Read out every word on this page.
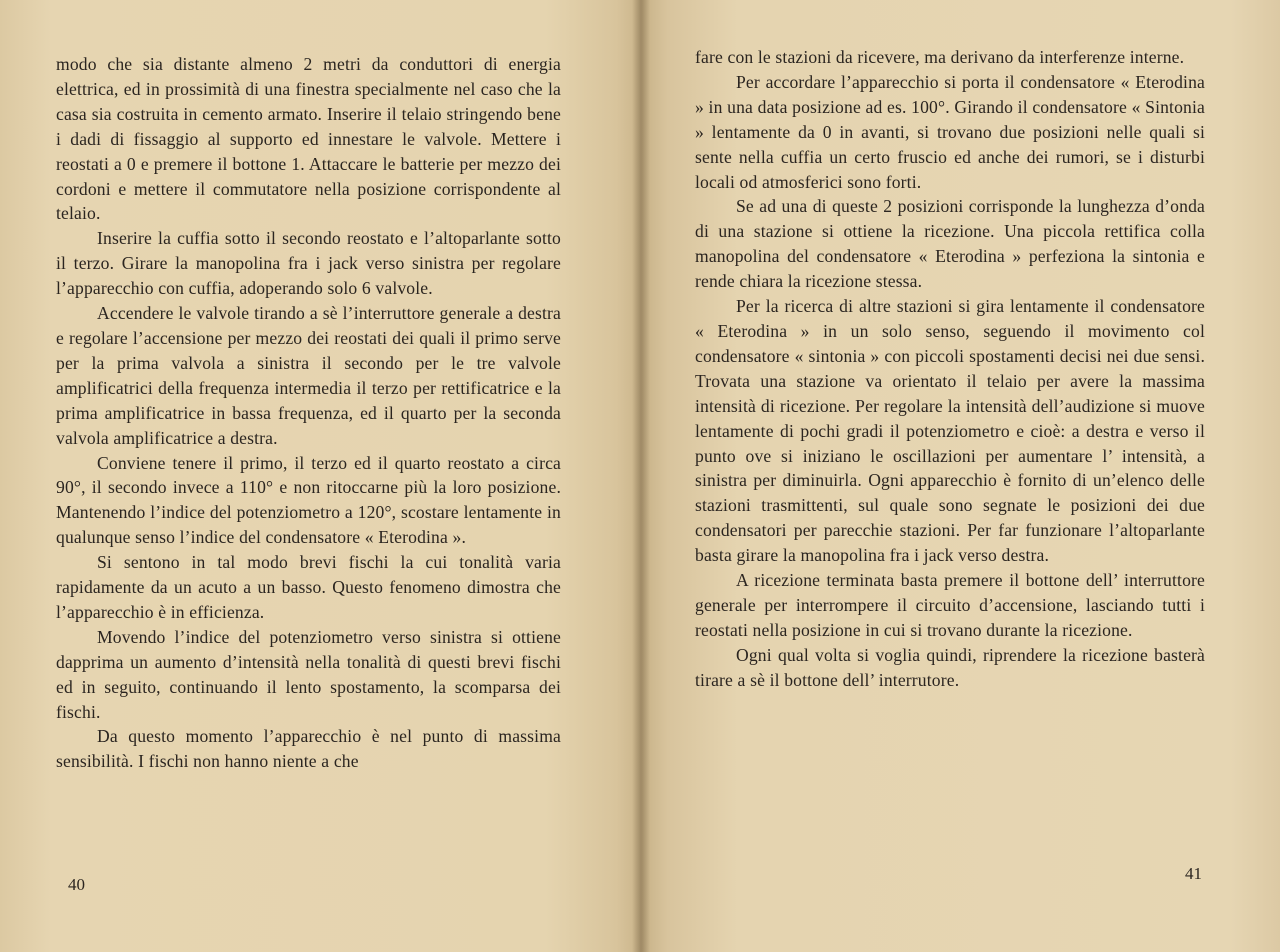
modo che sia distante almeno 2 metri da conduttori di energia elettrica, ed in prossimità di una finestra specialmente nel caso che la casa sia costruita in cemento armato. Inserire il telaio stringendo bene i dadi di fissaggio al supporto ed innestare le valvole. Mettere i reostati a 0 e premere il bottone 1. Attaccare le batterie per mezzo dei cordoni e mettere il commutatore nella posizione corrispondente al telaio.

Inserire la cuffia sotto il secondo reostato e l’altoparlante sotto il terzo. Girare la manopolina fra i jack verso sinistra per regolare l’apparecchio con cuffia, adoperando solo 6 valvole.

Accendere le valvole tirando a sè l’interruttore generale a destra e regolare l’accensione per mezzo dei reostati dei quali il primo serve per la prima valvola a sinistra il secondo per le tre valvole amplificatrici della frequenza intermedia il terzo per rettificatrice e la prima amplificatrice in bassa frequenza, ed il quarto per la seconda valvola amplificatrice a destra.

Conviene tenere il primo, il terzo ed il quarto reostato a circa 90°, il secondo invece a 110° e non ritoccarne più la loro posizione. Mantenendo l’indice del potenziometro a 120°, scostare lentamente in qualunque senso l’indice del condensatore « Eterodina ».

Si sentono in tal modo brevi fischi la cui tonalità varia rapidamente da un acuto a un basso. Questo fenomeno dimostra che l’apparecchio è in efficienza.

Movendo l’indice del potenziometro verso sinistra si ottiene dapprima un aumento d’intensità nella tonalità di questi brevi fischi ed in seguito, continuando il lento spostamento, la scomparsa dei fischi.

Da questo momento l’apparecchio è nel punto di massima sensibilità. I fischi non hanno niente a che

40

fare con le stazioni da ricevere, ma derivano da interferenze interne.

Per accordare l’apparecchio si porta il condensatore « Eterodina » in una data posizione ad es. 100°. Girando il condensatore « Sintonia » lentamente da 0 in avanti, si trovano due posizioni nelle quali si sente nella cuffia un certo fruscio ed anche dei rumori, se i disturbi locali od atmosferici sono forti.

Se ad una di queste 2 posizioni corrisponde la lunghezza d’onda di una stazione si ottiene la ricezione. Una piccola rettifica colla manopolina del condensatore « Eterodina » perfeziona la sintonia e rende chiara la ricezione stessa.

Per la ricerca di altre stazioni si gira lentamente il condensatore « Eterodina » in un solo senso, seguendo il movimento col condensatore « sintonia » con piccoli spostamenti decisi nei due sensi. Trovata una stazione va orientato il telaio per avere la massima intensità di ricezione. Per regolare la intensità dell’audizione si muove lentamente di pochi gradi il potenziometro e cioè: a destra e verso il punto ove si iniziano le oscillazioni per aumentare l’ intensità, a sinistra per diminuirla. Ogni apparecchio è fornito di un’elenco delle stazioni trasmittenti, sul quale sono segnate le posizioni dei due condensatori per parecchie stazioni. Per far funzionare l’altoparlante basta girare la manopolina fra i jack verso destra.

A ricezione terminata basta premere il bottone dell’ interruttore generale per interrompere il circuito d’accensione, lasciando tutti i reostati nella posizione in cui si trovano durante la ricezione.

Ogni qual volta si voglia quindi, riprendere la ricezione basterà tirare a sè il bottone dell’ interrutore.

41
